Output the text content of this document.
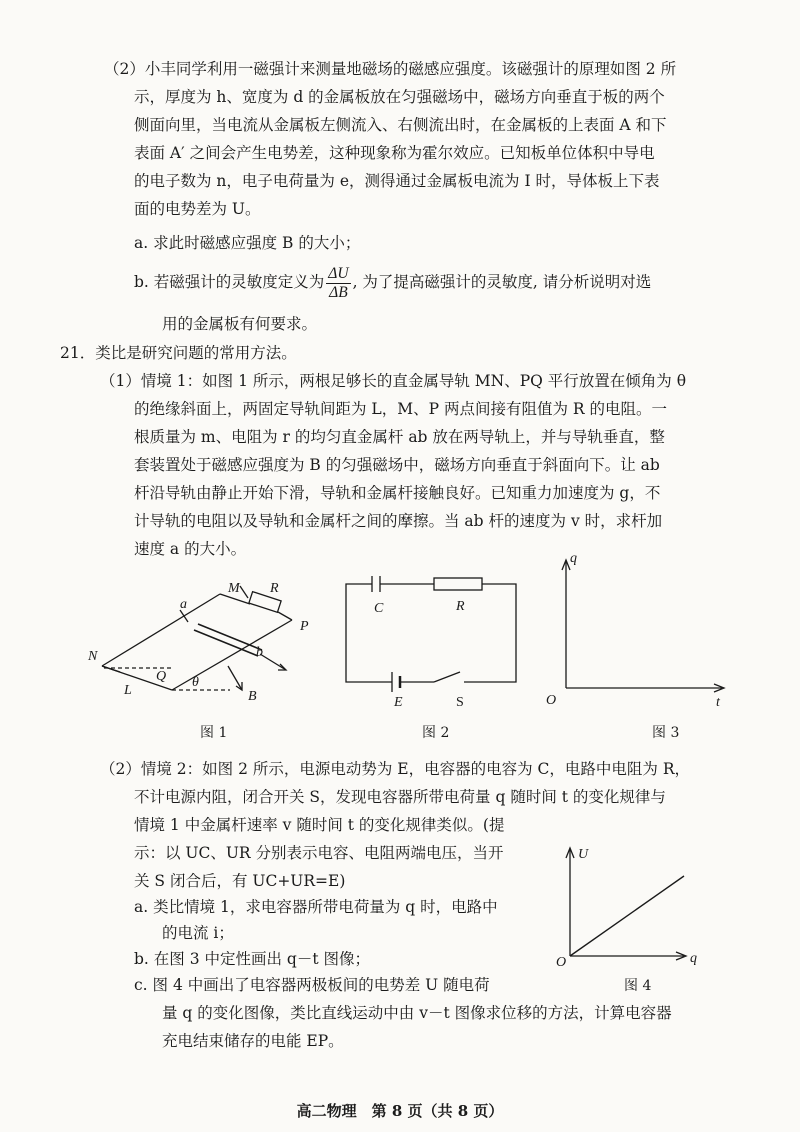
（2）小丰同学利用一磁强计来测量地磁场的磁感应强度。该磁强计的原理如图 2 所
示，厚度为 h、宽度为 d 的金属板放在匀强磁场中，磁场方向垂直于板的两个
侧面向里，当电流从金属板左侧流入、右侧流出时，在金属板的上表面 A 和下
表面 A′ 之间会产生电势差，这种现象称为霍尔效应。已知板单位体积中导电
的电子数为 n，电子电荷量为 e，测得通过金属板电流为 I 时，导体板上下表
面的电势差为 U。
a. 求此时磁感应强度 B 的大小；
b. 若磁强计的灵敏度定义为 $\frac{\Delta U}{\Delta B}$ , 为了提高磁强计的灵敏度, 请分析说明对选
用的金属板有何要求。
21．类比是研究问题的常用方法。
（1）情境 1：如图 1 所示，两根足够长的直金属导轨 MN、PQ 平行放置在倾角为 θ
的绝缘斜面上，两固定导轨间距为 L，M、P 两点间接有阻值为 R 的电阻。一
根质量为 m、电阻为 r 的均匀直金属杆 ab 放在两导轨上，并与导轨垂直，整
套装置处于磁感应强度为 B 的匀强磁场中，磁场方向垂直于斜面向下。让 ab
杆沿导轨由静止开始下滑，导轨和金属杆接触良好。已知重力加速度为 g，不
计导轨的电阻以及导轨和金属杆之间的摩擦。当 ab 杆的速度为 v 时，求杆加
速度 a 的大小。
M R
a
P
N	b
Q θ
L	B
图 1
C	R
E	S
图 2
q
t
O
图 3
（2）情境 2：如图 2 所示，电源电动势为 E，电容器的电容为 C，电路中电阻为 R，
不计电源内阻，闭合开关 S，发现电容器所带电荷量 q 随时间 t 的变化规律与
情境 1 中金属杆速率 v 随时间 t 的变化规律类似。(提
示：以 UC、UR 分别表示电容、电阻两端电压，当开
关 S 闭合后，有 UC+UR=E)
a. 类比情境 1，求电容器所带电荷量为 q 时，电路中
的电流 i；
b. 在图 3 中定性画出 q－t 图像；
c. 图 4 中画出了电容器两极板间的电势差 U 随电荷
量 q 的变化图像，类比直线运动中由 v－t 图像求位移的方法，计算电容器
充电结束储存的电能 EP。
U
q
O
图 4
高二物理　第 8 页（共 8 页）
